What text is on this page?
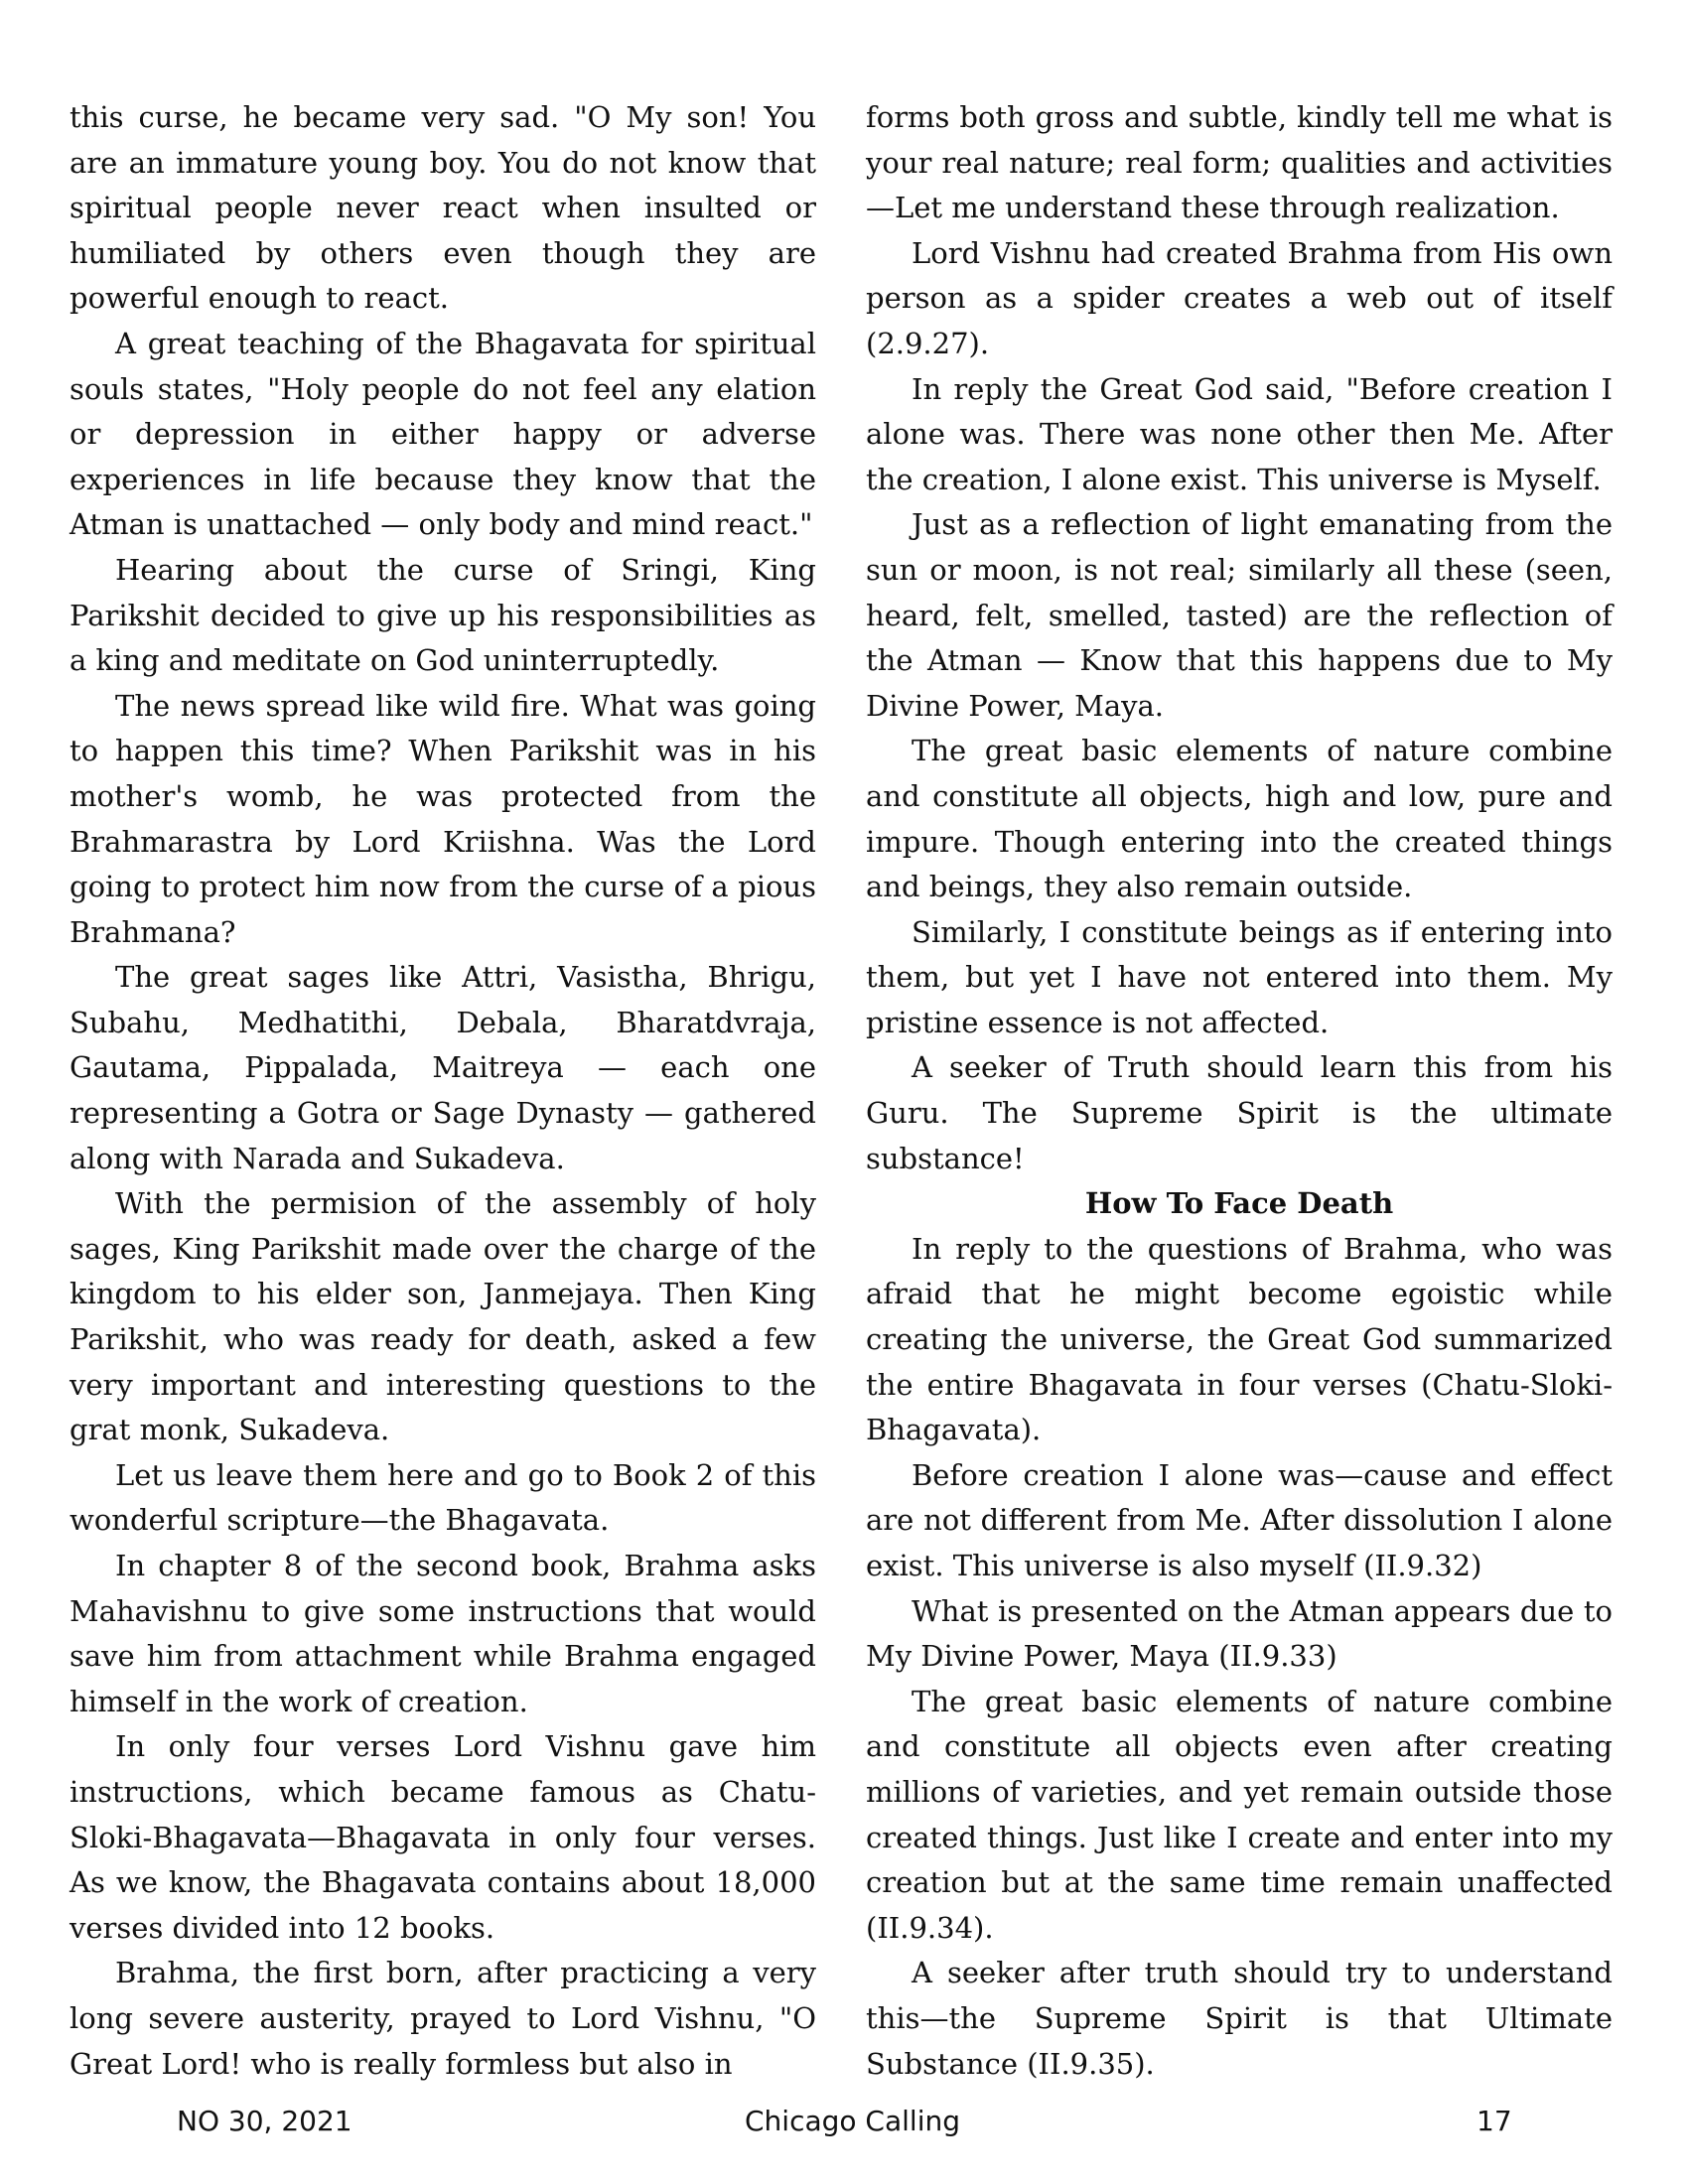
this curse, he became very sad. "O My son! You are an immature young boy. You do not know that spiritual people never react when insulted or humiliated by others even though they are powerful enough to react.

A great teaching of the Bhagavata for spiritual souls states, "Holy people do not feel any elation or depression in either happy or adverse experiences in life because they know that the Atman is unattached — only body and mind react."

Hearing about the curse of Sringi, King Parikshit decided to give up his responsibilities as a king and meditate on God uninterruptedly.

The news spread like wild fire. What was going to happen this time? When Parikshit was in his mother's womb, he was protected from the Brahmarastra by Lord Kriishna. Was the Lord going to protect him now from the curse of a pious Brahmana?

The great sages like Attri, Vasistha, Bhrigu, Subahu, Medhatithi, Debala, Bharatdvraja, Gautama, Pippalada, Maitreya — each one representing a Gotra or Sage Dynasty — gathered along with Narada and Sukadeva.

With the permision of the assembly of holy sages, King Parikshit made over the charge of the kingdom to his elder son, Janmejaya. Then King Parikshit, who was ready for death, asked a few very important and interesting questions to the grat monk, Sukadeva.

Let us leave them here and go to Book 2 of this wonderful scripture—the Bhagavata.

In chapter 8 of the second book, Brahma asks Mahavishnu to give some instructions that would save him from attachment while Brahma engaged himself in the work of creation.

In only four verses Lord Vishnu gave him instructions, which became famous as Chatu-Sloki-Bhagavata—Bhagavata in only four verses. As we know, the Bhagavata contains about 18,000 verses divided into 12 books.

Brahma, the first born, after practicing a very long severe austerity, prayed to Lord Vishnu, "O Great Lord! who is really formless but also in

forms both gross and subtle, kindly tell me what is your real nature; real form; qualities and activities—Let me understand these through realization.

Lord Vishnu had created Brahma from His own person as a spider creates a web out of itself (2.9.27).

In reply the Great God said, "Before creation I alone was. There was none other then Me. After the creation, I alone exist. This universe is Myself.

Just as a reflection of light emanating from the sun or moon, is not real; similarly all these (seen, heard, felt, smelled, tasted) are the reflection of the Atman — Know that this happens due to My Divine Power, Maya.

The great basic elements of nature combine and constitute all objects, high and low, pure and impure. Though entering into the created things and beings, they also remain outside.

Similarly, I constitute beings as if entering into them, but yet I have not entered into them. My pristine essence is not affected.

A seeker of Truth should learn this from his Guru. The Supreme Spirit is the ultimate substance!

How To Face Death

In reply to the questions of Brahma, who was afraid that he might become egoistic while creating the universe, the Great God summarized the entire Bhagavata in four verses (Chatu-Sloki-Bhagavata).

Before creation I alone was—cause and effect are not different from Me. After dissolution I alone exist. This universe is also myself (II.9.32)

What is presented on the Atman appears due to My Divine Power, Maya (II.9.33)

The great basic elements of nature combine and constitute all objects even after creating millions of varieties, and yet remain outside those created things. Just like I create and enter into my creation but at the same time remain unaffected (II.9.34).

A seeker after truth should try to understand this—the Supreme Spirit is that Ultimate Substance (II.9.35).

NO 30, 2021	Chicago Calling	17
